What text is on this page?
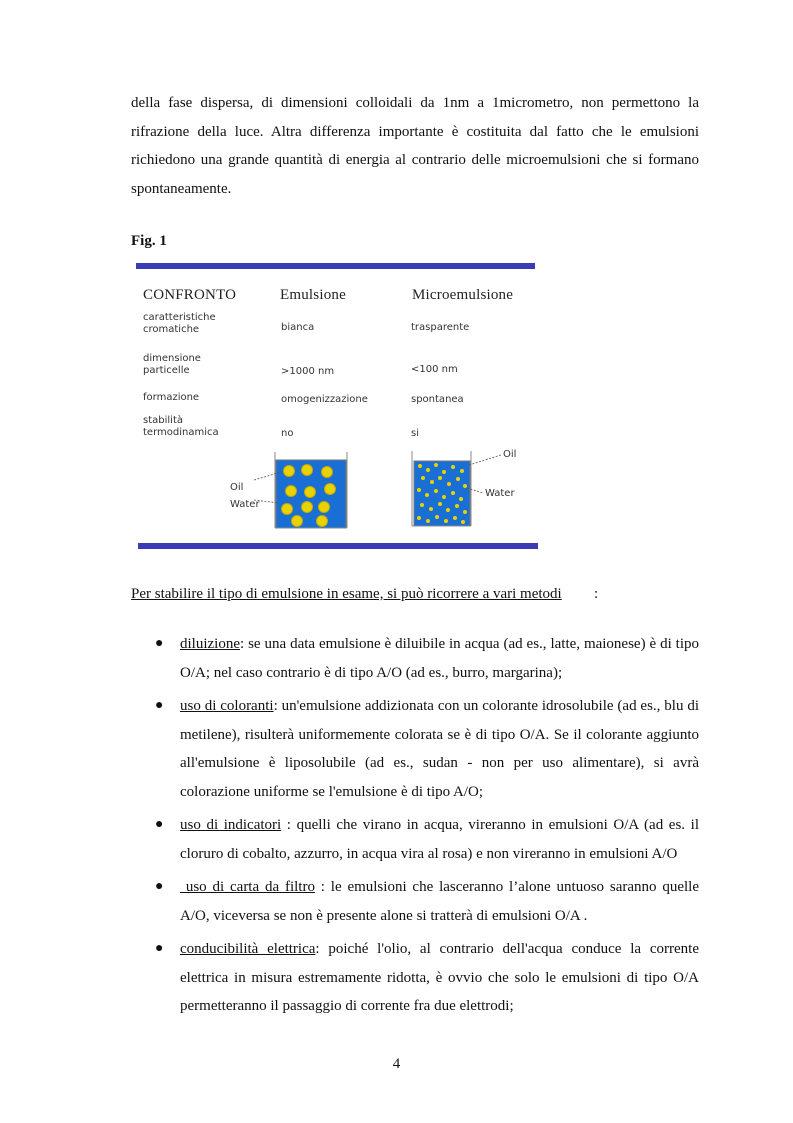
della fase dispersa, di dimensioni colloidali da 1nm a 1micrometro, non permettono la rifrazione della luce. Altra differenza importante è costituita dal fatto che le emulsioni richiedono una grande quantità di energia al contrario delle microemulsioni che si formano spontaneamente.

Fig. 1
CONFRONTO	Emulsione	Microemulsione
caratteristiche cromatiche	bianca	trasparente
dimensione particelle	>1000 nm	<100 nm
formazione	omogenizzazione	spontanea
stabilità termodinamica	no	si
Oil
Water
Oil
Water
Per stabilire il tipo di emulsione in esame, si può ricorrere a vari metodi :
● diluizione: se una data emulsione è diluibile in acqua (ad es., latte, maionese) è di tipo O/A; nel caso contrario è di tipo A/O (ad es., burro, margarina);
● uso di coloranti: un'emulsione addizionata con un colorante idrosolubile (ad es., blu di metilene), risulterà uniformemente colorata se è di tipo O/A. Se il colorante aggiunto all'emulsione è liposolubile (ad es., sudan - non per uso alimentare), si avrà colorazione uniforme se l'emulsione è di tipo A/O;
● uso di indicatori : quelli che virano in acqua, vireranno in emulsioni O/A (ad es. il cloruro di cobalto, azzurro, in acqua vira al rosa) e non vireranno in emulsioni A/O
● uso di carta da filtro : le emulsioni che lasceranno l’alone untuoso saranno quelle A/O, viceversa se non è presente alone si tratterà di emulsioni O/A .
● conducibilità elettrica: poiché l'olio, al contrario dell'acqua conduce la corrente elettrica in misura estremamente ridotta, è ovvio che solo le emulsioni di tipo O/A permetteranno il passaggio di corrente fra due elettrodi;
4
